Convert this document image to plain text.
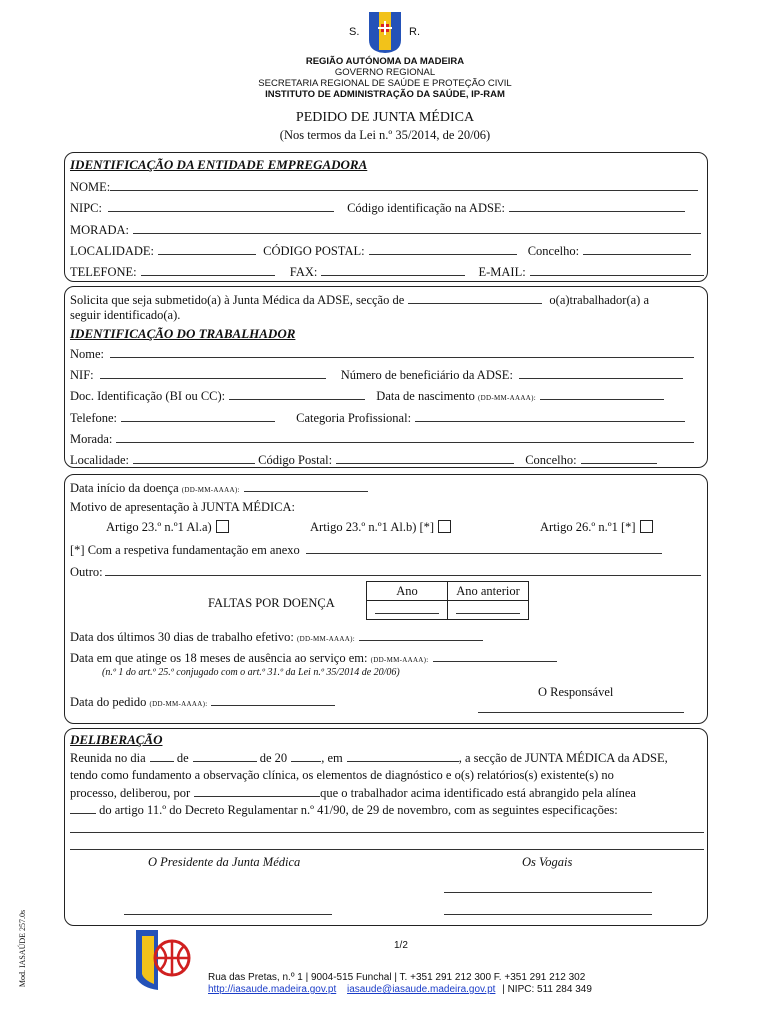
S.	R.
REGIÃO AUTÓNOMA DA MADEIRA
GOVERNO REGIONAL
SECRETARIA REGIONAL DE SAÚDE E PROTEÇÃO CIVIL
INSTITUTO DE ADMINISTRAÇÃO DA SAÚDE, IP-RAM
PEDIDO DE JUNTA MÉDICA
(Nos termos da Lei n.º 35/2014, de 20/06)
IDENTIFICAÇÃO DA ENTIDADE EMPREGADORA
NOME:
NIPC:	Código identificação na ADSE:
MORADA:
LOCALIDADE:	CÓDIGO POSTAL:	Concelho:
TELEFONE:	FAX:	E-MAIL:
Solicita que seja submetido(a) à Junta Médica da ADSE, secção de	o(a)trabalhador(a) a
seguir identificado(a).
IDENTIFICAÇÃO DO TRABALHADOR
Nome:
NIF:	Número de beneficiário da ADSE:
Doc. Identificação (BI ou CC):	Data de nascimento (DD-MM-AAAA):
Telefone:	Categoria Profissional:
Morada:
Localidade:	Código Postal:	Concelho:
Data início da doença (DD-MM-AAAA):
Motivo de apresentação à JUNTA MÉDICA:
Artigo 23.º n.º1 Al.a)	Artigo 23.º n.º1 Al.b) [*]	Artigo 26.º n.º1 [*]
[*] Com a respetiva fundamentação em anexo
Outro:
FALTAS POR DOENÇA
Ano	Ano anterior

Data dos últimos 30 dias de trabalho efetivo: (DD-MM-AAAA):
Data em que atinge os 18 meses de ausência ao serviço em: (DD-MM-AAAA):
(n.º 1 do art.º 25.º conjugado com o art.º 31.º da Lei n.º 35/2014 de 20/06)
O Responsável
Data do pedido (DD-MM-AAAA):
DELIBERAÇÃO
Reunida no dia de	de 20	, em	, a secção de JUNTA MÉDICA da ADSE,
tendo como fundamento a observação clínica, os elementos de diagnóstico e o(s) relatórios(s) existente(s) no
processo, deliberou, por	que o trabalhador acima identificado está abrangido pela alínea
do artigo 11.º do Decreto Regulamentar n.º 41/90, de 29 de novembro, com as seguintes especificações:
O Presidente da Junta Médica	Os Vogais
Mod. IASAÚDE 257.0s	1/2
Rua das Pretas, n.º 1 | 9004-515 Funchal | T. +351 291 212 300 F. +351 291 212 302
http://iasaude.madeira.gov.pt iasaude@iasaude.madeira.gov.pt | NIPC: 511 284 349
